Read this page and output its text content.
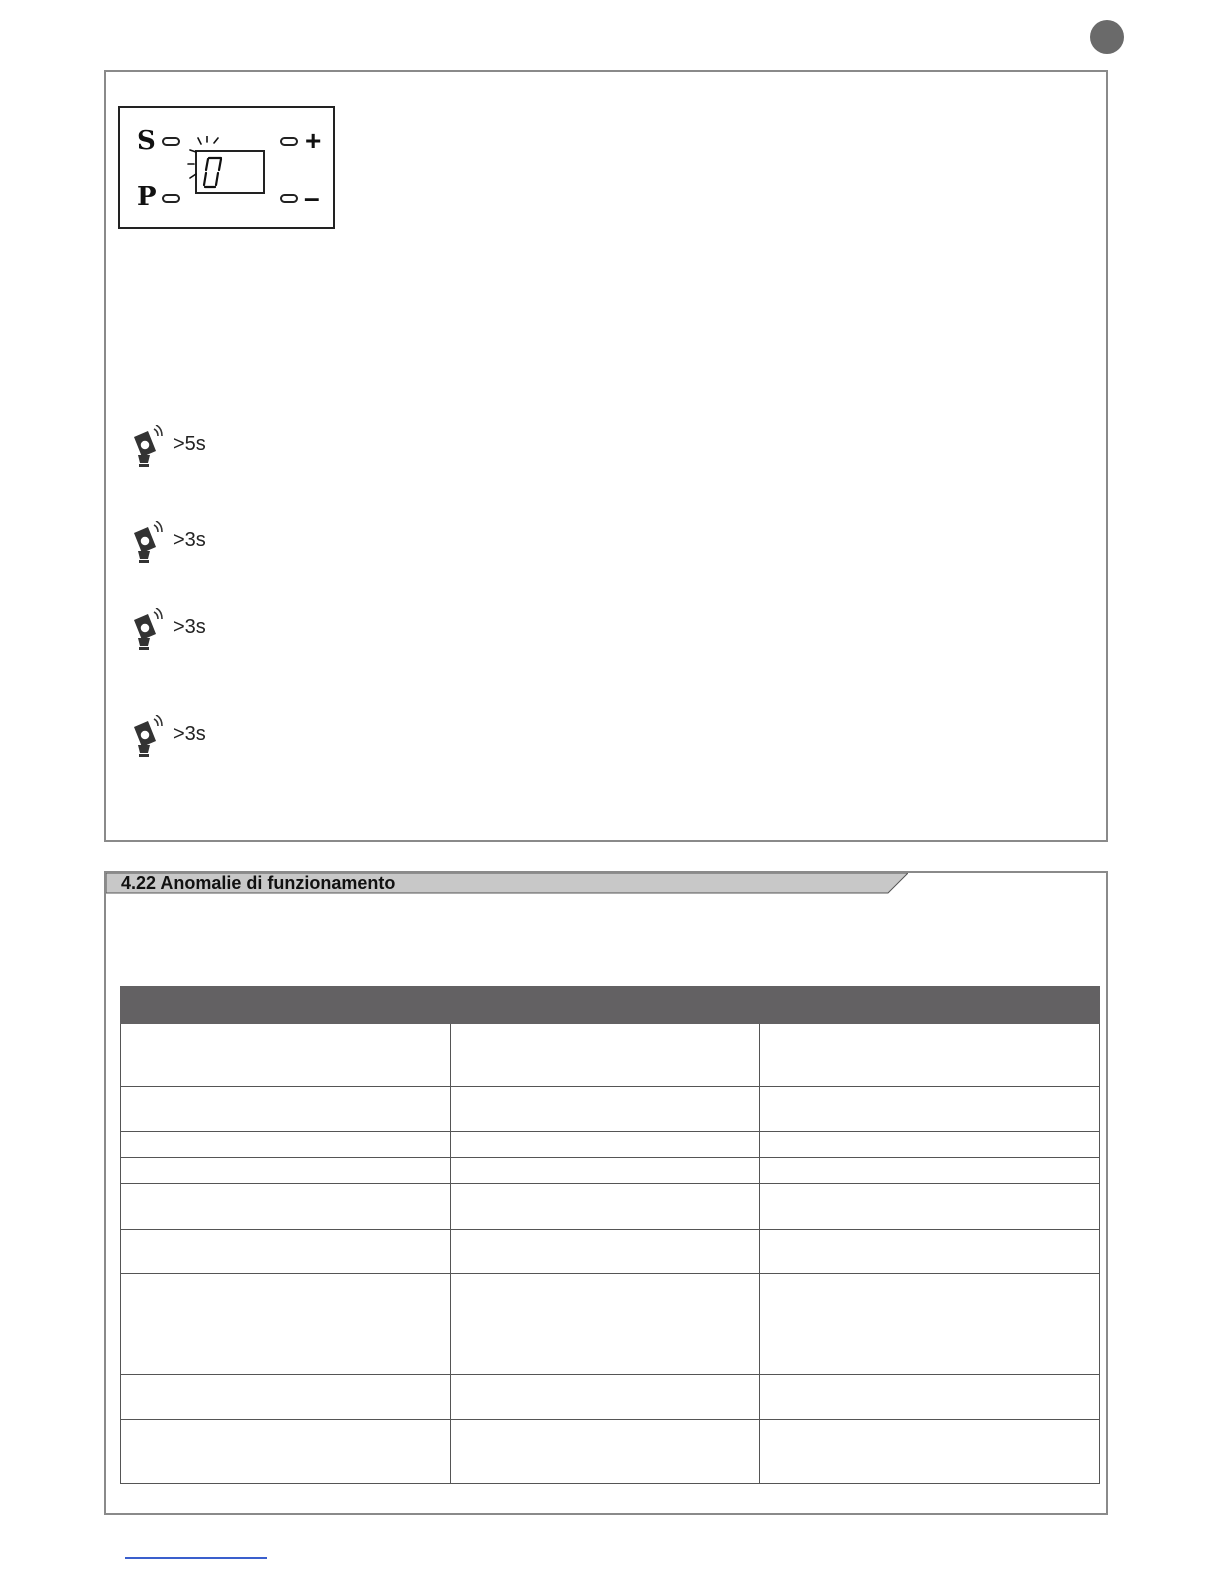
S
P
+
–
>5s
>3s
>3s
>3s
4.22 Anomalie di funzionamento
